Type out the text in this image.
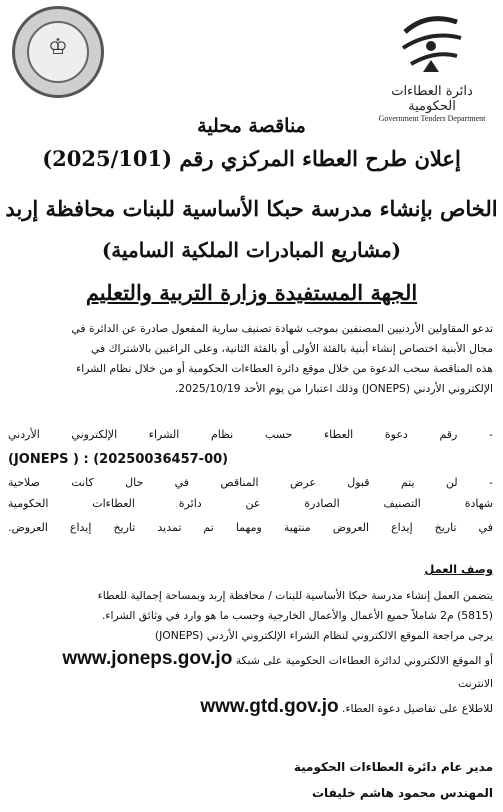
♔
دائرة العطاءات الحكومية
Government Tenders Department
مناقصة محلية
إعلان طرح العطاء المركزي رقم (2025/101)
الخاص بإنشاء مدرسة حبكا الأساسية للبنات محافظة إربد
(مشاريع المبادرات الملكية السامية)
الجهة المستفيدة وزارة التربية والتعليم
تدعو المقاولين الأردنيين المصنفين بموجب شهادة تصنيف سارية المفعول صادرة عن الدائرة في
مجال الأبنية اختصاص إنشاء أبنية بالفئة الأولى أو بالفئة الثانية، وعلى الراغبين بالاشتراك في
هذه المناقصة سحب الدعوة من خلال موقع دائرة العطاءات الحكومية أو من خلال نظام الشراء
الإلكتروني الأردني (JONEPS) وذلك اعتبارا من يوم الأحد 2025/10/19.
- رقم دعوة العطاء حسب نظام الشراء الإلكتروني الأردني
(20250036457-00) : ( JONEPS)
- لن يتم قبول عرض المناقص في حال كانت صلاحية
شهادة التصنيف الصادرة عن دائرة العطاءات الحكومية
في تاريخ إيداع العروض منتهية ومهما تم تمديد تاريخ إيداع العروض.
وصف العمل
يتضمن العمل إنشاء مدرسة حبكا الأساسية للبنات / محافظة إربد وبمساحة إجمالية للعطاء
(5815) م2 شاملاً جميع الأعمال والأعمال الخارجية وحسب ما هو وارد في وثائق الشراء.
يرجى مراجعة الموقع الالكتروني لنظام الشراء الإلكتروني الأردني (JONEPS)
أو الموقع الالكتروني لدائرة العطاءات الحكومية على شبكة www.joneps.gov.jo
الانترنت
للاطلاع على تفاصيل دعوة العطاء. www.gtd.gov.jo
مدير عام دائرة العطاءات الحكومية
المهندس محمود هاشم خليفات
